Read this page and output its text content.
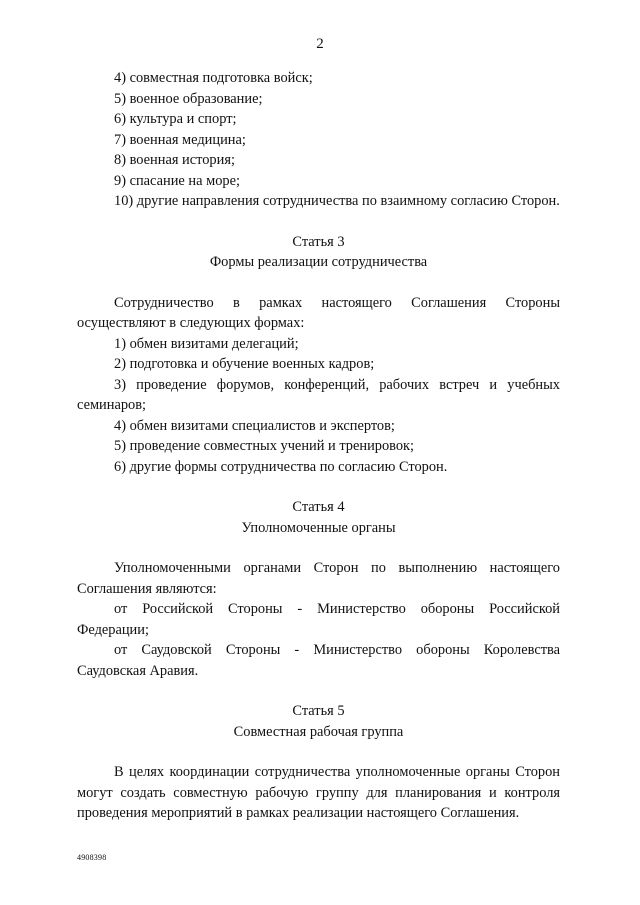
2

4) совместная подготовка войск;

5) военное образование;

6) культура и спорт;

7) военная медицина;

8) военная история;

9) спасание на море;

10) другие направления сотрудничества по взаимному согласию Сторон.

Статья 3

Формы реализации сотрудничества

Сотрудничество в рамках настоящего Соглашения Стороны осуществляют в следующих формах:

1) обмен визитами делегаций;

2) подготовка и обучение военных кадров;

3) проведение форумов, конференций, рабочих встреч и учебных семинаров;

4) обмен визитами специалистов и экспертов;

5) проведение совместных учений и тренировок;

6) другие формы сотрудничества по согласию Сторон.

Статья 4

Уполномоченные органы

Уполномоченными органами Сторон по выполнению настоящего Соглашения являются:

от Российской Стороны - Министерство обороны Российской Федерации;

от Саудовской Стороны - Министерство обороны Королевства Саудовская Аравия.

Статья 5

Совместная рабочая группа

В целях координации сотрудничества уполномоченные органы Сторон могут создать совместную рабочую группу для планирования и контроля проведения мероприятий в рамках реализации настоящего Соглашения.

4908398
